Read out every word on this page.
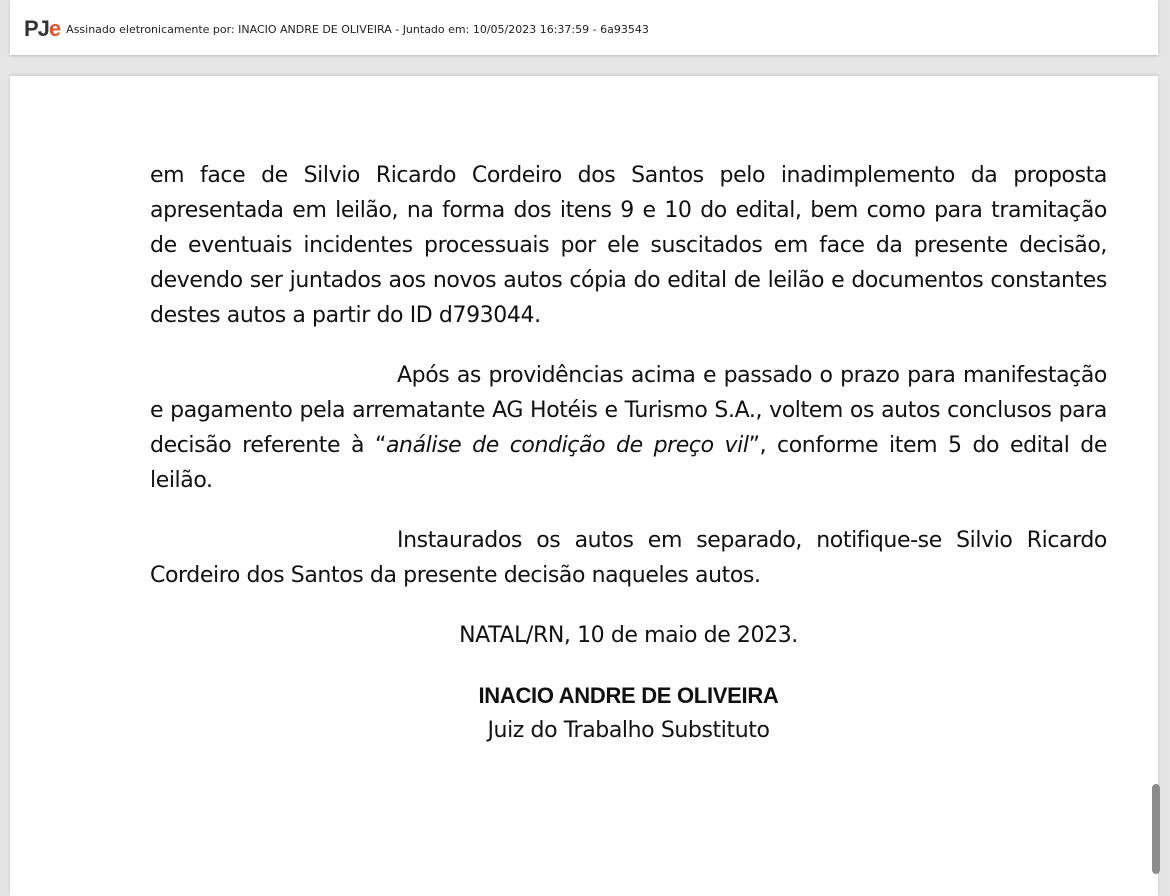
PJe Assinado eletronicamente por: INACIO ANDRE DE OLIVEIRA - Juntado em: 10/05/2023 16:37:59 - 6a93543

em face de Silvio Ricardo Cordeiro dos Santos pelo inadimplemento da proposta apresentada em leilão, na forma dos itens 9 e 10 do edital, bem como para tramitação de eventuais incidentes processuais por ele suscitados em face da presente decisão, devendo ser juntados aos novos autos cópia do edital de leilão e documentos constantes destes autos a partir do ID d793044.

Após as providências acima e passado o prazo para manifestação e pagamento pela arrematante AG Hotéis e Turismo S.A., voltem os autos conclusos para decisão referente à “análise de condição de preço vil”, conforme item 5 do edital de leilão.

Instaurados os autos em separado, notifique-se Silvio Ricardo Cordeiro dos Santos da presente decisão naqueles autos.

NATAL/RN, 10 de maio de 2023.
INACIO ANDRE DE OLIVEIRA
Juiz do Trabalho Substituto
